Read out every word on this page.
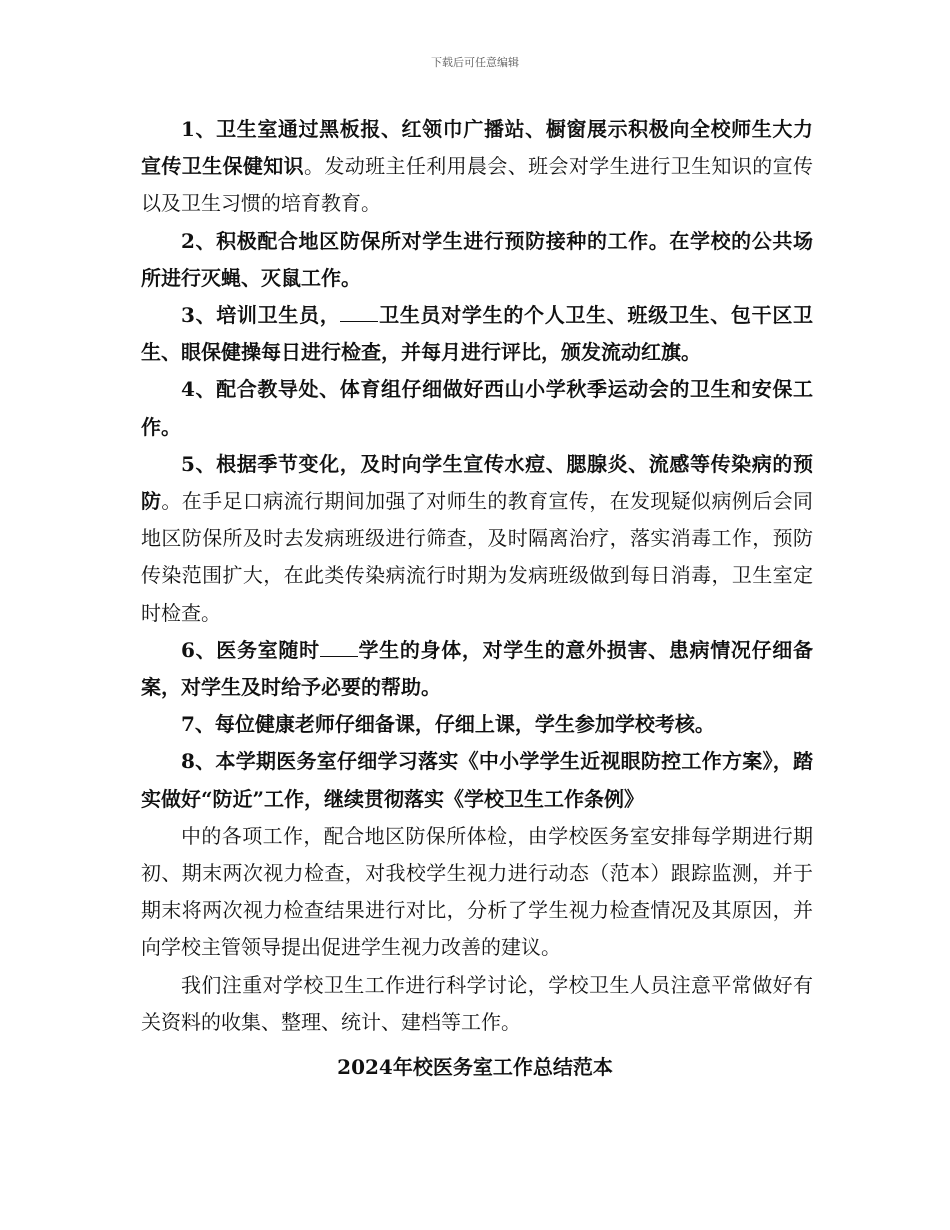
下载后可任意编辑

1、卫生室通过黑板报、红领巾广播站、橱窗展示积极向全校师生大力宣传卫生保健知识。发动班主任利用晨会、班会对学生进行卫生知识的宣传以及卫生习惯的培育教育。

2、积极配合地区防保所对学生进行预防接种的工作。在学校的公共场所进行灭蝇、灭鼠工作。

3、培训卫生员， 卫生员对学生的个人卫生、班级卫生、包干区卫生、眼保健操每日进行检查，并每月进行评比，颁发流动红旗。

4、配合教导处、体育组仔细做好西山小学秋季运动会的卫生和安保工作。

5、根据季节变化，及时向学生宣传水痘、腮腺炎、流感等传染病的预防。在手足口病流行期间加强了对师生的教育宣传，在发现疑似病例后会同地区防保所及时去发病班级进行筛查，及时隔离治疗，落实消毒工作，预防传染范围扩大，在此类传染病流行时期为发病班级做到每日消毒，卫生室定时检查。

6、医务室随时 学生的身体，对学生的意外损害、患病情况仔细备案，对学生及时给予必要的帮助。

7、每位健康老师仔细备课，仔细上课，学生参加学校考核。

8、本学期医务室仔细学习落实《中小学学生近视眼防控工作方案》，踏实做好“防近”工作，继续贯彻落实《学校卫生工作条例》

中的各项工作，配合地区防保所体检，由学校医务室安排每学期进行期初、期末两次视力检查，对我校学生视力进行动态（范本）跟踪监测，并于期末将两次视力检查结果进行对比，分析了学生视力检查情况及其原因，并向学校主管领导提出促进学生视力改善的建议。

我们注重对学校卫生工作进行科学讨论，学校卫生人员注意平常做好有关资料的收集、整理、统计、建档等工作。

2024年校医务室工作总结范本
